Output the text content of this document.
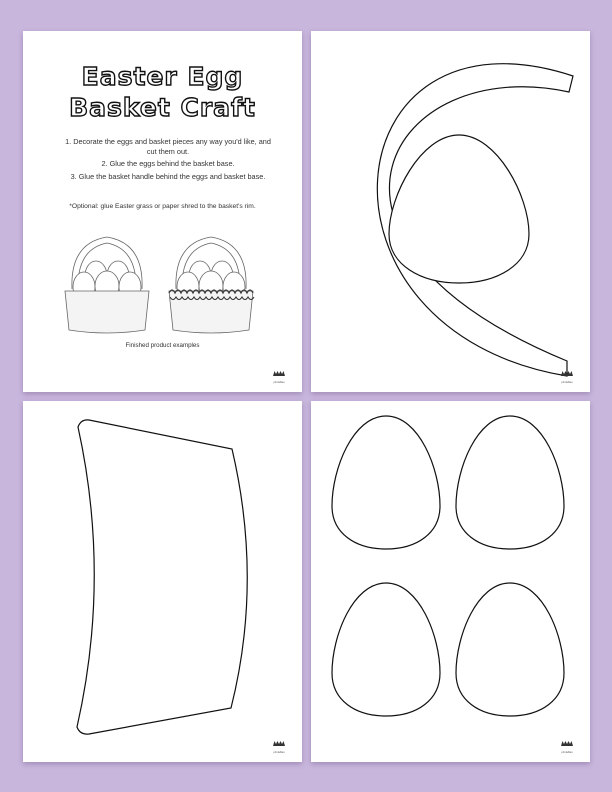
Easter Egg
Basket Craft
1. Decorate the eggs and basket pieces any way you'd like, and cut them out.
2. Glue the eggs behind the basket base.
3. Glue the basket handle behind the eggs and basket base.
*Optional: glue Easter grass or paper shred to the basket's rim.
Finished product examples
printables	printables
printables	printables
